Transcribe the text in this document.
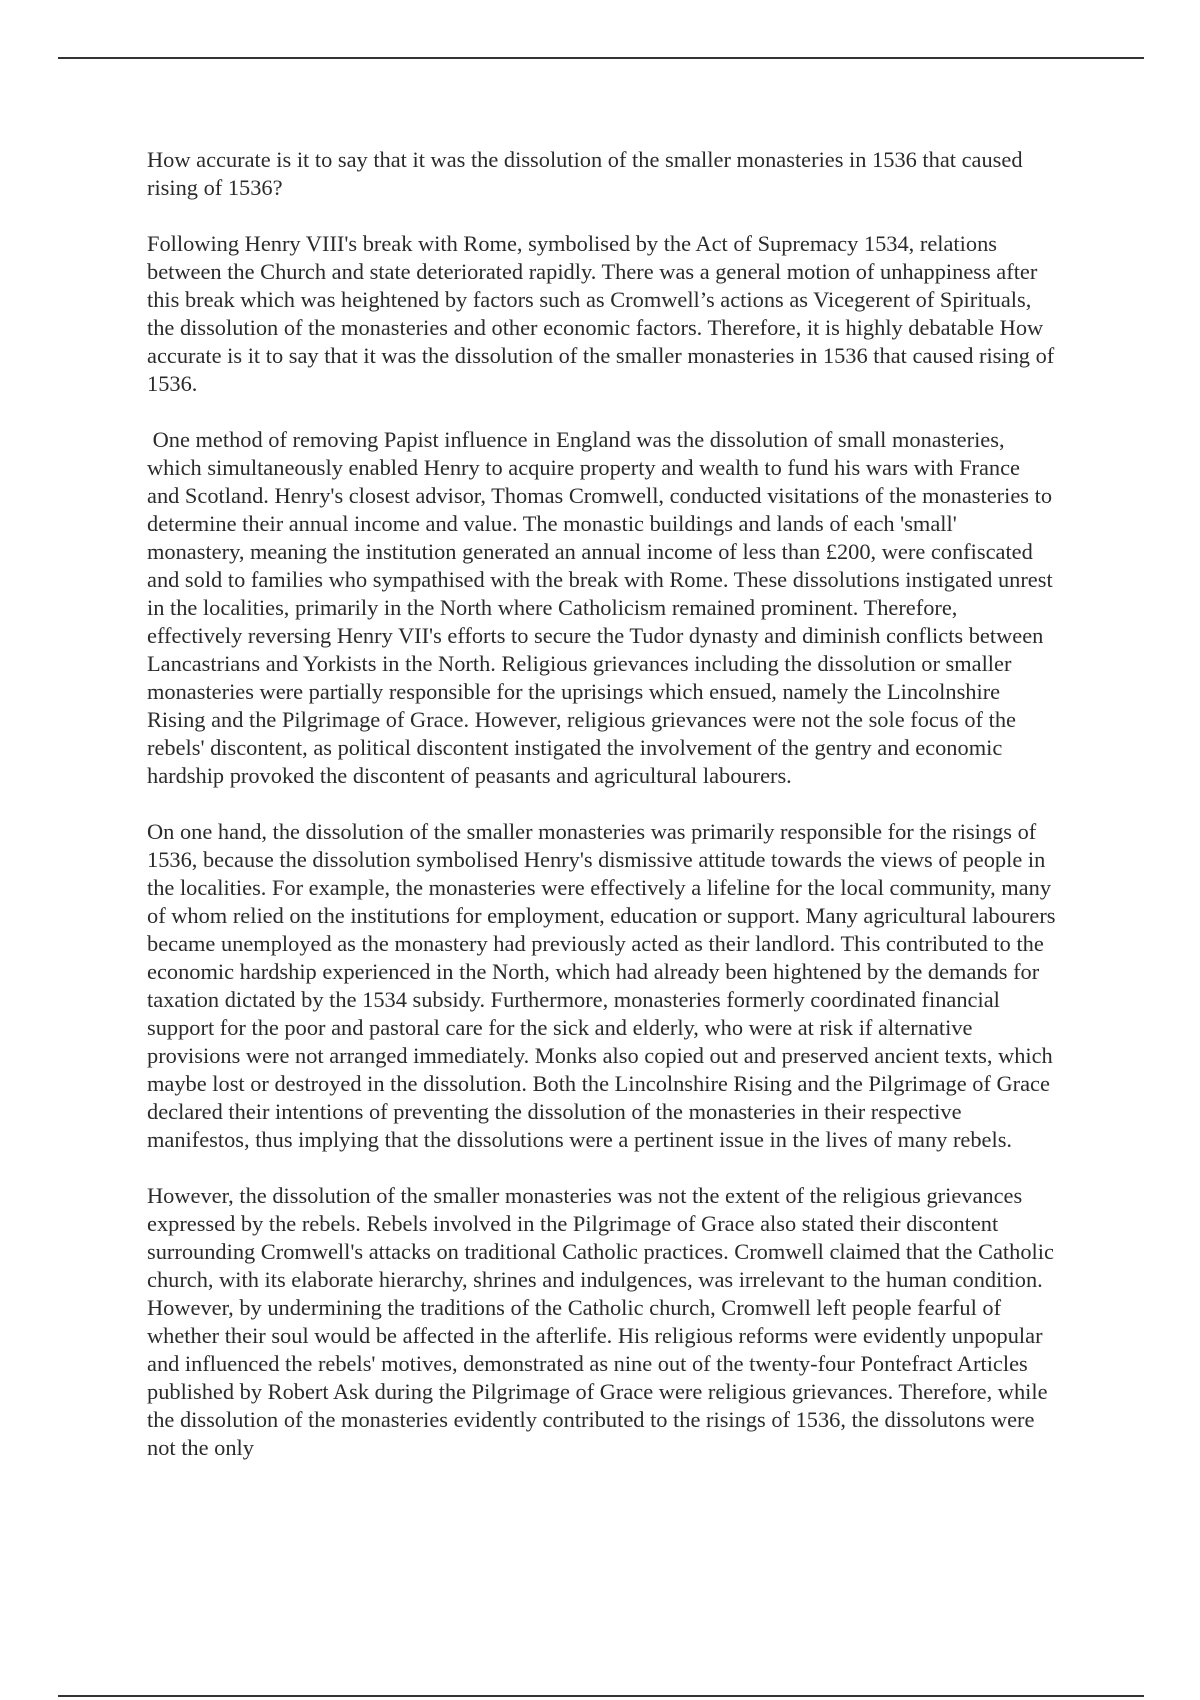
How accurate is it to say that it was the dissolution of the smaller monasteries in 1536 that caused rising of 1536?

Following Henry VIII's break with Rome, symbolised by the Act of Supremacy 1534, relations between the Church and state deteriorated rapidly. There was a general motion of unhappiness after this break which was heightened by factors such as Cromwell’s actions as Vicegerent of Spirituals, the dissolution of the monasteries and other economic factors. Therefore, it is highly debatable How accurate is it to say that it was the dissolution of the smaller monasteries in 1536 that caused rising of 1536.

One method of removing Papist influence in England was the dissolution of small monasteries, which simultaneously enabled Henry to acquire property and wealth to fund his wars with France and Scotland. Henry's closest advisor, Thomas Cromwell, conducted visitations of the monasteries to determine their annual income and value. The monastic buildings and lands of each 'small' monastery, meaning the institution generated an annual income of less than £200, were confiscated and sold to families who sympathised with the break with Rome. These dissolutions instigated unrest in the localities, primarily in the North where Catholicism remained prominent. Therefore, effectively reversing Henry VII's efforts to secure the Tudor dynasty and diminish conflicts between Lancastrians and Yorkists in the North. Religious grievances including the dissolution or smaller monasteries were partially responsible for the uprisings which ensued, namely the Lincolnshire Rising and the Pilgrimage of Grace. However, religious grievances were not the sole focus of the rebels' discontent, as political discontent instigated the involvement of the gentry and economic hardship provoked the discontent of peasants and agricultural labourers.

On one hand, the dissolution of the smaller monasteries was primarily responsible for the risings of 1536, because the dissolution symbolised Henry's dismissive attitude towards the views of people in the localities. For example, the monasteries were effectively a lifeline for the local community, many of whom relied on the institutions for employment, education or support. Many agricultural labourers became unemployed as the monastery had previously acted as their landlord. This contributed to the economic hardship experienced in the North, which had already been hightened by the demands for taxation dictated by the 1534 subsidy. Furthermore, monasteries formerly coordinated financial support for the poor and pastoral care for the sick and elderly, who were at risk if alternative provisions were not arranged immediately. Monks also copied out and preserved ancient texts, which maybe lost or destroyed in the dissolution. Both the Lincolnshire Rising and the Pilgrimage of Grace declared their intentions of preventing the dissolution of the monasteries in their respective manifestos, thus implying that the dissolutions were a pertinent issue in the lives of many rebels.

However, the dissolution of the smaller monasteries was not the extent of the religious grievances expressed by the rebels. Rebels involved in the Pilgrimage of Grace also stated their discontent surrounding Cromwell's attacks on traditional Catholic practices. Cromwell claimed that the Catholic church, with its elaborate hierarchy, shrines and indulgences, was irrelevant to the human condition. However, by undermining the traditions of the Catholic church, Cromwell left people fearful of whether their soul would be affected in the afterlife. His religious reforms were evidently unpopular and influenced the rebels' motives, demonstrated as nine out of the twenty-four Pontefract Articles published by Robert Ask during the Pilgrimage of Grace were religious grievances. Therefore, while the dissolution of the monasteries evidently contributed to the risings of 1536, the dissolutons were not the only
